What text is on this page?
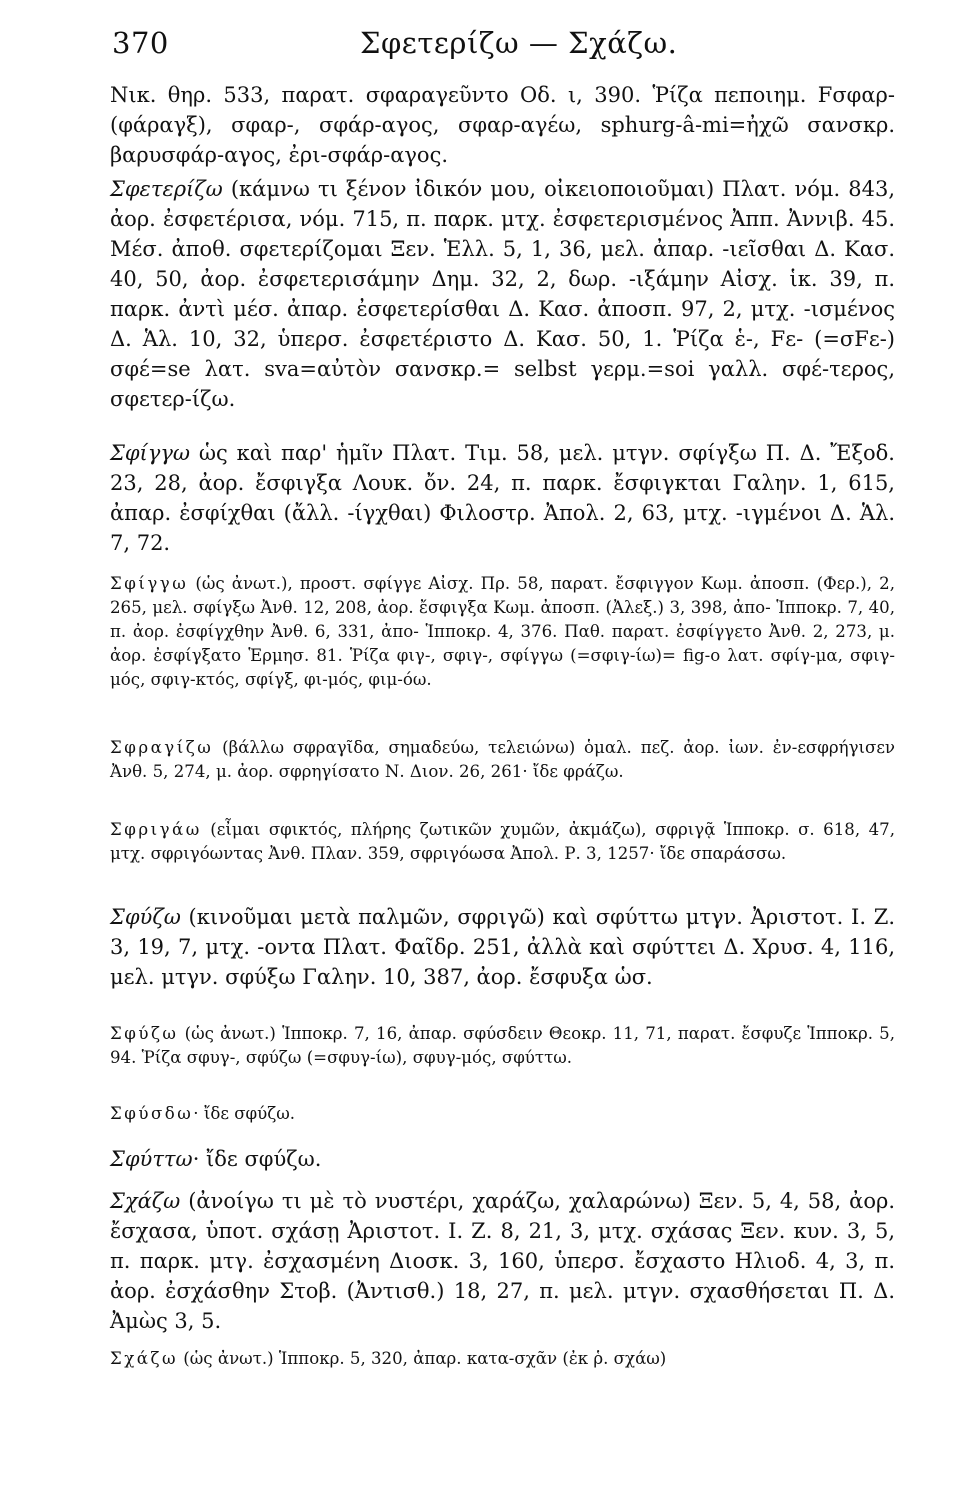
370	Σφετερίζω — Σχάζω.

Νικ. θηρ. 533, παρατ. σφαραγεῦντο Οδ. ι, 390. Ῥίζα πεποιημ. Fσφαρ- (φάραγξ), σφαρ-, σφάρ-αγος, σφαρ-αγέω, sphurg-â-mi=ἠχῶ σανσκρ. βαρυσφάρ-αγος, ἐρι-σφάρ-αγος.

Σφετερίζω (κάμνω τι ξένον ἰδικόν μου, οἰκειοποιοῦμαι) Πλατ. νόμ. 843, ἀορ. ἐσφετέρισα, νόμ. 715, π. παρκ. μτχ. ἐσφετερισμένος Ἀππ. Ἀννιβ. 45. Μέσ. ἀποθ. σφετερίζομαι Ξεν. Ἑλλ. 5, 1, 36, μελ. ἀπαρ. -ιεῖσθαι Δ. Κασ. 40, 50, ἀορ. ἐσφετερισάμην Δημ. 32, 2, δωρ. -ιξάμην Αἰσχ. ἱκ. 39, π. παρκ. ἀντὶ μέσ. ἀπαρ. ἐσφετερίσθαι Δ. Κασ. ἀποσπ. 97, 2, μτχ. -ισμένος Δ. Ἁλ. 10, 32, ὑπερσ. ἐσφετέριστο Δ. Κασ. 50, 1. Ῥίζα ἑ-, Fε- (=σFε-) σφέ=se λατ. sva=αὐτὸν σανσκρ.= selbst γερμ.=soi γαλλ. σφέ-τερος, σφετερ-ίζω.

Σφίγγω ὡς καὶ παρ' ἡμῖν Πλατ. Τιμ. 58, μελ. μτγν. σφίγξω Π. Δ. Ἔξοδ. 23, 28, ἀορ. ἔσφιγξα Λουκ. ὄν. 24, π. παρκ. ἔσφιγκται Γαλην. 1, 615, ἀπαρ. ἐσφίχθαι (ἄλλ. -ίγχθαι) Φιλοστρ. Ἀπολ. 2, 63, μτχ. -ιγμένοι Δ. Ἁλ. 7, 72.

Σφίγγω (ὡς ἀνωτ.), προστ. σφίγγε Αἰσχ. Πρ. 58, παρατ. ἔσφιγγον Κωμ. ἀποσπ. (Φερ.), 2, 265, μελ. σφίγξω Ἀνθ. 12, 208, ἀορ. ἔσφιγξα Κωμ. ἀποσπ. (Ἀλεξ.) 3, 398, ἀπο- Ἱπποκρ. 7, 40, π. ἀορ. ἐσφίγχθην Ἀνθ. 6, 331, ἀπο- Ἱπποκρ. 4, 376. Παθ. παρατ. ἐσφίγγετο Ἀνθ. 2, 273, μ. ἀορ. ἐσφίγξατο Ἑρμησ. 81. Ῥίζα φιγ-, σφιγ-, σφίγγω (=σφιγ-ίω)= fig-o λατ. σφίγ-μα, σφιγ-μός, σφιγ-κτός, σφίγξ, φι-μός, φιμ-όω.

Σφραγίζω (βάλλω σφραγῖδα, σημαδεύω, τελειώνω) ὁμαλ. πεζ. ἀορ. ἰων. ἐν-εσφρήγισεν Ἀνθ. 5, 274, μ. ἀορ. σφρηγίσατο Ν. Διον. 26, 261· ἴδε φράζω.

Σφριγάω (εἶμαι σφικτός, πλήρης ζωτικῶν χυμῶν, ἀκμάζω), σφριγᾷ Ἱπποκρ. σ. 618, 47, μτχ. σφριγόωντας Ἀνθ. Πλαν. 359, σφριγόωσα Ἀπολ. Ρ. 3, 1257· ἴδε σπαράσσω.

Σφύζω (κινοῦμαι μετὰ παλμῶν, σφριγῶ) καὶ σφύττω μτγν. Ἀριστοτ. Ι. Ζ. 3, 19, 7, μτχ. -οντα Πλατ. Φαῖδρ. 251, ἀλλὰ καὶ σφύττει Δ. Χρυσ. 4, 116, μελ. μτγν. σφύξω Γαλην. 10, 387, ἀορ. ἔσφυξα ὡσ.

Σφύζω (ὡς ἀνωτ.) Ἱπποκρ. 7, 16, ἀπαρ. σφύσδειν Θεοκρ. 11, 71, παρατ. ἔσφυζε Ἱπποκρ. 5, 94. Ῥίζα σφυγ-, σφύζω (=σφυγ-ίω), σφυγ-μός, σφύττω.

Σφύσδω· ἴδε σφύζω.

Σφύττω· ἴδε σφύζω.

Σχάζω (ἀνοίγω τι μὲ τὸ νυστέρι, χαράζω, χαλαρώνω) Ξεν. 5, 4, 58, ἀορ. ἔσχασα, ὑποτ. σχάσῃ Ἀριστοτ. Ι. Ζ. 8, 21, 3, μτχ. σχάσας Ξεν. κυν. 3, 5, π. παρκ. μτγ. ἐσχασμένη Διοσκ. 3, 160, ὑπερσ. ἔσχαστο Ηλιοδ. 4, 3, π. ἀορ. ἐσχάσθην Στοβ. (Ἀντισθ.) 18, 27, π. μελ. μτγν. σχασθήσεται Π. Δ. Ἀμὼς 3, 5.

Σχάζω (ὡς ἀνωτ.) Ἱπποκρ. 5, 320, ἀπαρ. κατα-σχᾶν (ἐκ ῥ. σχάω)
